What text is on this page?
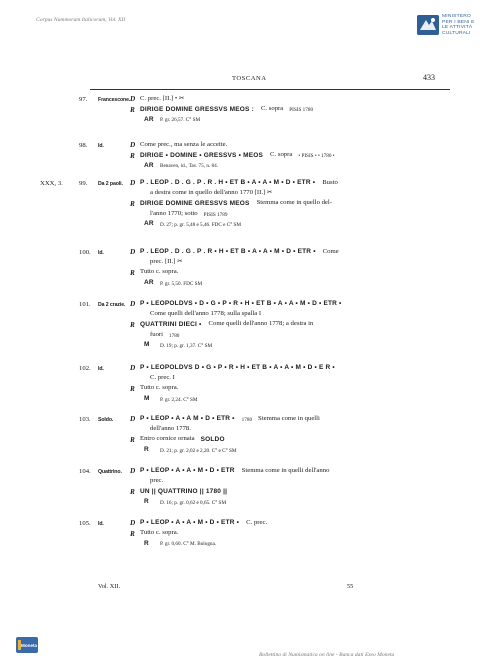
Corpus Nummorum Italicorum, Vol. XII
MINISTERO
PER I BENI E
LE ATTIVITÀ
CULTURALI
TOSCANA	433
97. Francescone. D C. prec. [II.] • ✂
R DIRIGE DOMINE GRESSVS MEOS : C. sopra PISIS 1780
AR P. gr. 26,57. C° SM
98. Id.	D Come prec., ma senza le accette.
R DIRIGE • DOMINE • GRESSVS • MEOS C. sopra • PISIS • • 1780 •
AR Benaven, id., Tav. 75, n. 84.
XXX, 3. 99. Da 2 paoli. D P . LEOP . D . G . P . R . H • ET B • A • A • M • D • ETR • Busto
a destra come in quello dell'anno 1770 [II.] ✂
R DIRIGE DOMINE GRESSVS MEOS Stemma come in quello del-
l'anno 1770; sotto PISIS 1789
AR D. 27; p. gr. 5,48 e 5,46. FDC e C° SM
100. Id.	D P . LEOP . D . G . P . R • H • ET B • A • A • M • D • ETR • Come
prec. [II.] ✂
R Tutto c. sopra.
AR P. gr. 5,50. FDC SM
101. Da 2 crazie. D P • LEOPOLDVS • D • G • P • R • H • ET B • A • A • M • D • ETR •
Come quelli dell'anno 1778; sulla spalla I
R QUATTRINI DIECI • Come quelli dell'anno 1778; a destra in
fuori 1780
M D. 19; p. gr. 1,37. C° SM
102. Id.	D P • LEOPOLDVS D • G • P • R • H • ET B • A • A • M • D • E R •
C. prec. I
R Tutto c. sopra.
M P. gr. 2,24. C° SM
103. Soldo. D P • LEOP • A • A M • D • ETR • 1780 Stemma come in quelli
dell'anno 1778.
R Entro cornice ornata SOLDO
R D. 21; p. gr. 2,02 e 2,20. C° e C° SM
104. Quattrino. D P • LEOP • A • A • M • D • ETR Stemma come in quelli dell'anno
prec.
R UN || QUATTRINO || 1780 ||
R D. 16; p. gr. 0,62 e 0,65. C° SM
105. Id.	D P • LEOP • A • A • M • D • ETR • C. prec.
R Tutto c. sopra.
R P. gr. 0,60. C° M. Bologna.
Vol. XII.	55
Moneta
Bollettino di Numismatica on line - Banca dati Ezeo Moneta
